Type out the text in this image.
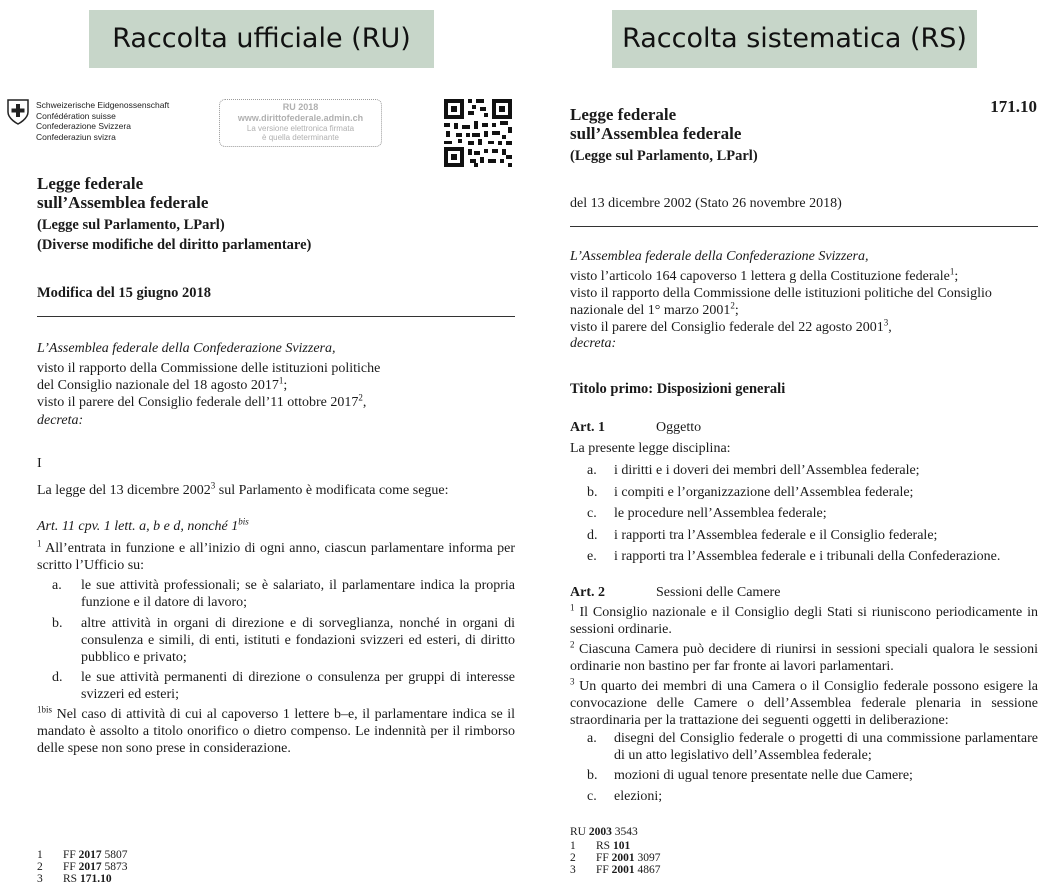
Raccolta ufficiale (RU)	Raccolta sistematica (RS)
Schweizerische Eidgenossenschaft
Confédération suisse
Confederazione Svizzera
Confederaziun svizra
RU 2018
www.dirittofederale.admin.ch
La versione elettronica firmata
è quella determinante
Legge federale
sull’Assemblea federale
(Legge sul Parlamento, LParl)
(Diverse modifiche del diritto parlamentare)
Modifica del 15 giugno 2018
L’Assemblea federale della Confederazione Svizzera,
visto il rapporto della Commissione delle istituzioni politiche
del Consiglio nazionale del 18 agosto 2017$^1$;
visto il parere del Consiglio federale dell’11 ottobre 2017$^2$,
decreta:
I
La legge del 13 dicembre 2002$^3$ sul Parlamento è modificata come segue:
Art. 11 cpv. 1 lett. a, b e d, nonché $1^{bis}$
$^1$ All’entrata in funzione e all’inizio di ogni anno, ciascun parlamentare informa per scritto l’Ufficio su:
a. le sue attività professionali; se è salariato, il parlamentare indica la propria funzione e il datore di lavoro;
b. altre attività in organi di direzione e di sorveglianza, nonché in organi di consulenza e simili, di enti, istituti e fondazioni svizzeri ed esteri, di diritto pubblico e privato;
d. le sue attività permanenti di direzione o consulenza per gruppi di interesse svizzeri ed esteri;
$^{1bis}$ Nel caso di attività di cui al capoverso 1 lettere b–e, il parlamentare indica se il mandato è assolto a titolo onorifico o dietro compenso. Le indennità per il rimborso delle spese non sono prese in considerazione.
1 FF 2017 5807
2 FF 2017 5873
3 RS 171.10
171.10
Legge federale
sull’Assemblea federale
(Legge sul Parlamento, LParl)
del 13 dicembre 2002 (Stato 26 novembre 2018)
L’Assemblea federale della Confederazione Svizzera,
visto l’articolo 164 capoverso 1 lettera g della Costituzione federale$^1$;
visto il rapporto della Commissione delle istituzioni politiche del Consiglio
nazionale del 1° marzo 2001$^2$;
visto il parere del Consiglio federale del 22 agosto 2001$^3$,
decreta:
Titolo primo: Disposizioni generali
Art. 1	Oggetto
La presente legge disciplina:
a. i diritti e i doveri dei membri dell’Assemblea federale;
b. i compiti e l’organizzazione dell’Assemblea federale;
c. le procedure nell’Assemblea federale;
d. i rapporti tra l’Assemblea federale e il Consiglio federale;
e. i rapporti tra l’Assemblea federale e i tribunali della Confederazione.
Art. 2	Sessioni delle Camere
$^1$ Il Consiglio nazionale e il Consiglio degli Stati si riuniscono periodicamente in sessioni ordinarie.
$^2$ Ciascuna Camera può decidere di riunirsi in sessioni speciali qualora le sessioni ordinarie non bastino per far fronte ai lavori parlamentari.
$^3$ Un quarto dei membri di una Camera o il Consiglio federale possono esigere la convocazione delle Camere o dell’Assemblea federale plenaria in sessione straordinaria per la trattazione dei seguenti oggetti in deliberazione:
a. disegni del Consiglio federale o progetti di una commissione parlamentare di un atto legislativo dell’Assemblea federale;
b. mozioni di ugual tenore presentate nelle due Camere;
c. elezioni;
RU 2003 3543
1 RS 101
2 FF 2001 3097
3 FF 2001 4867
